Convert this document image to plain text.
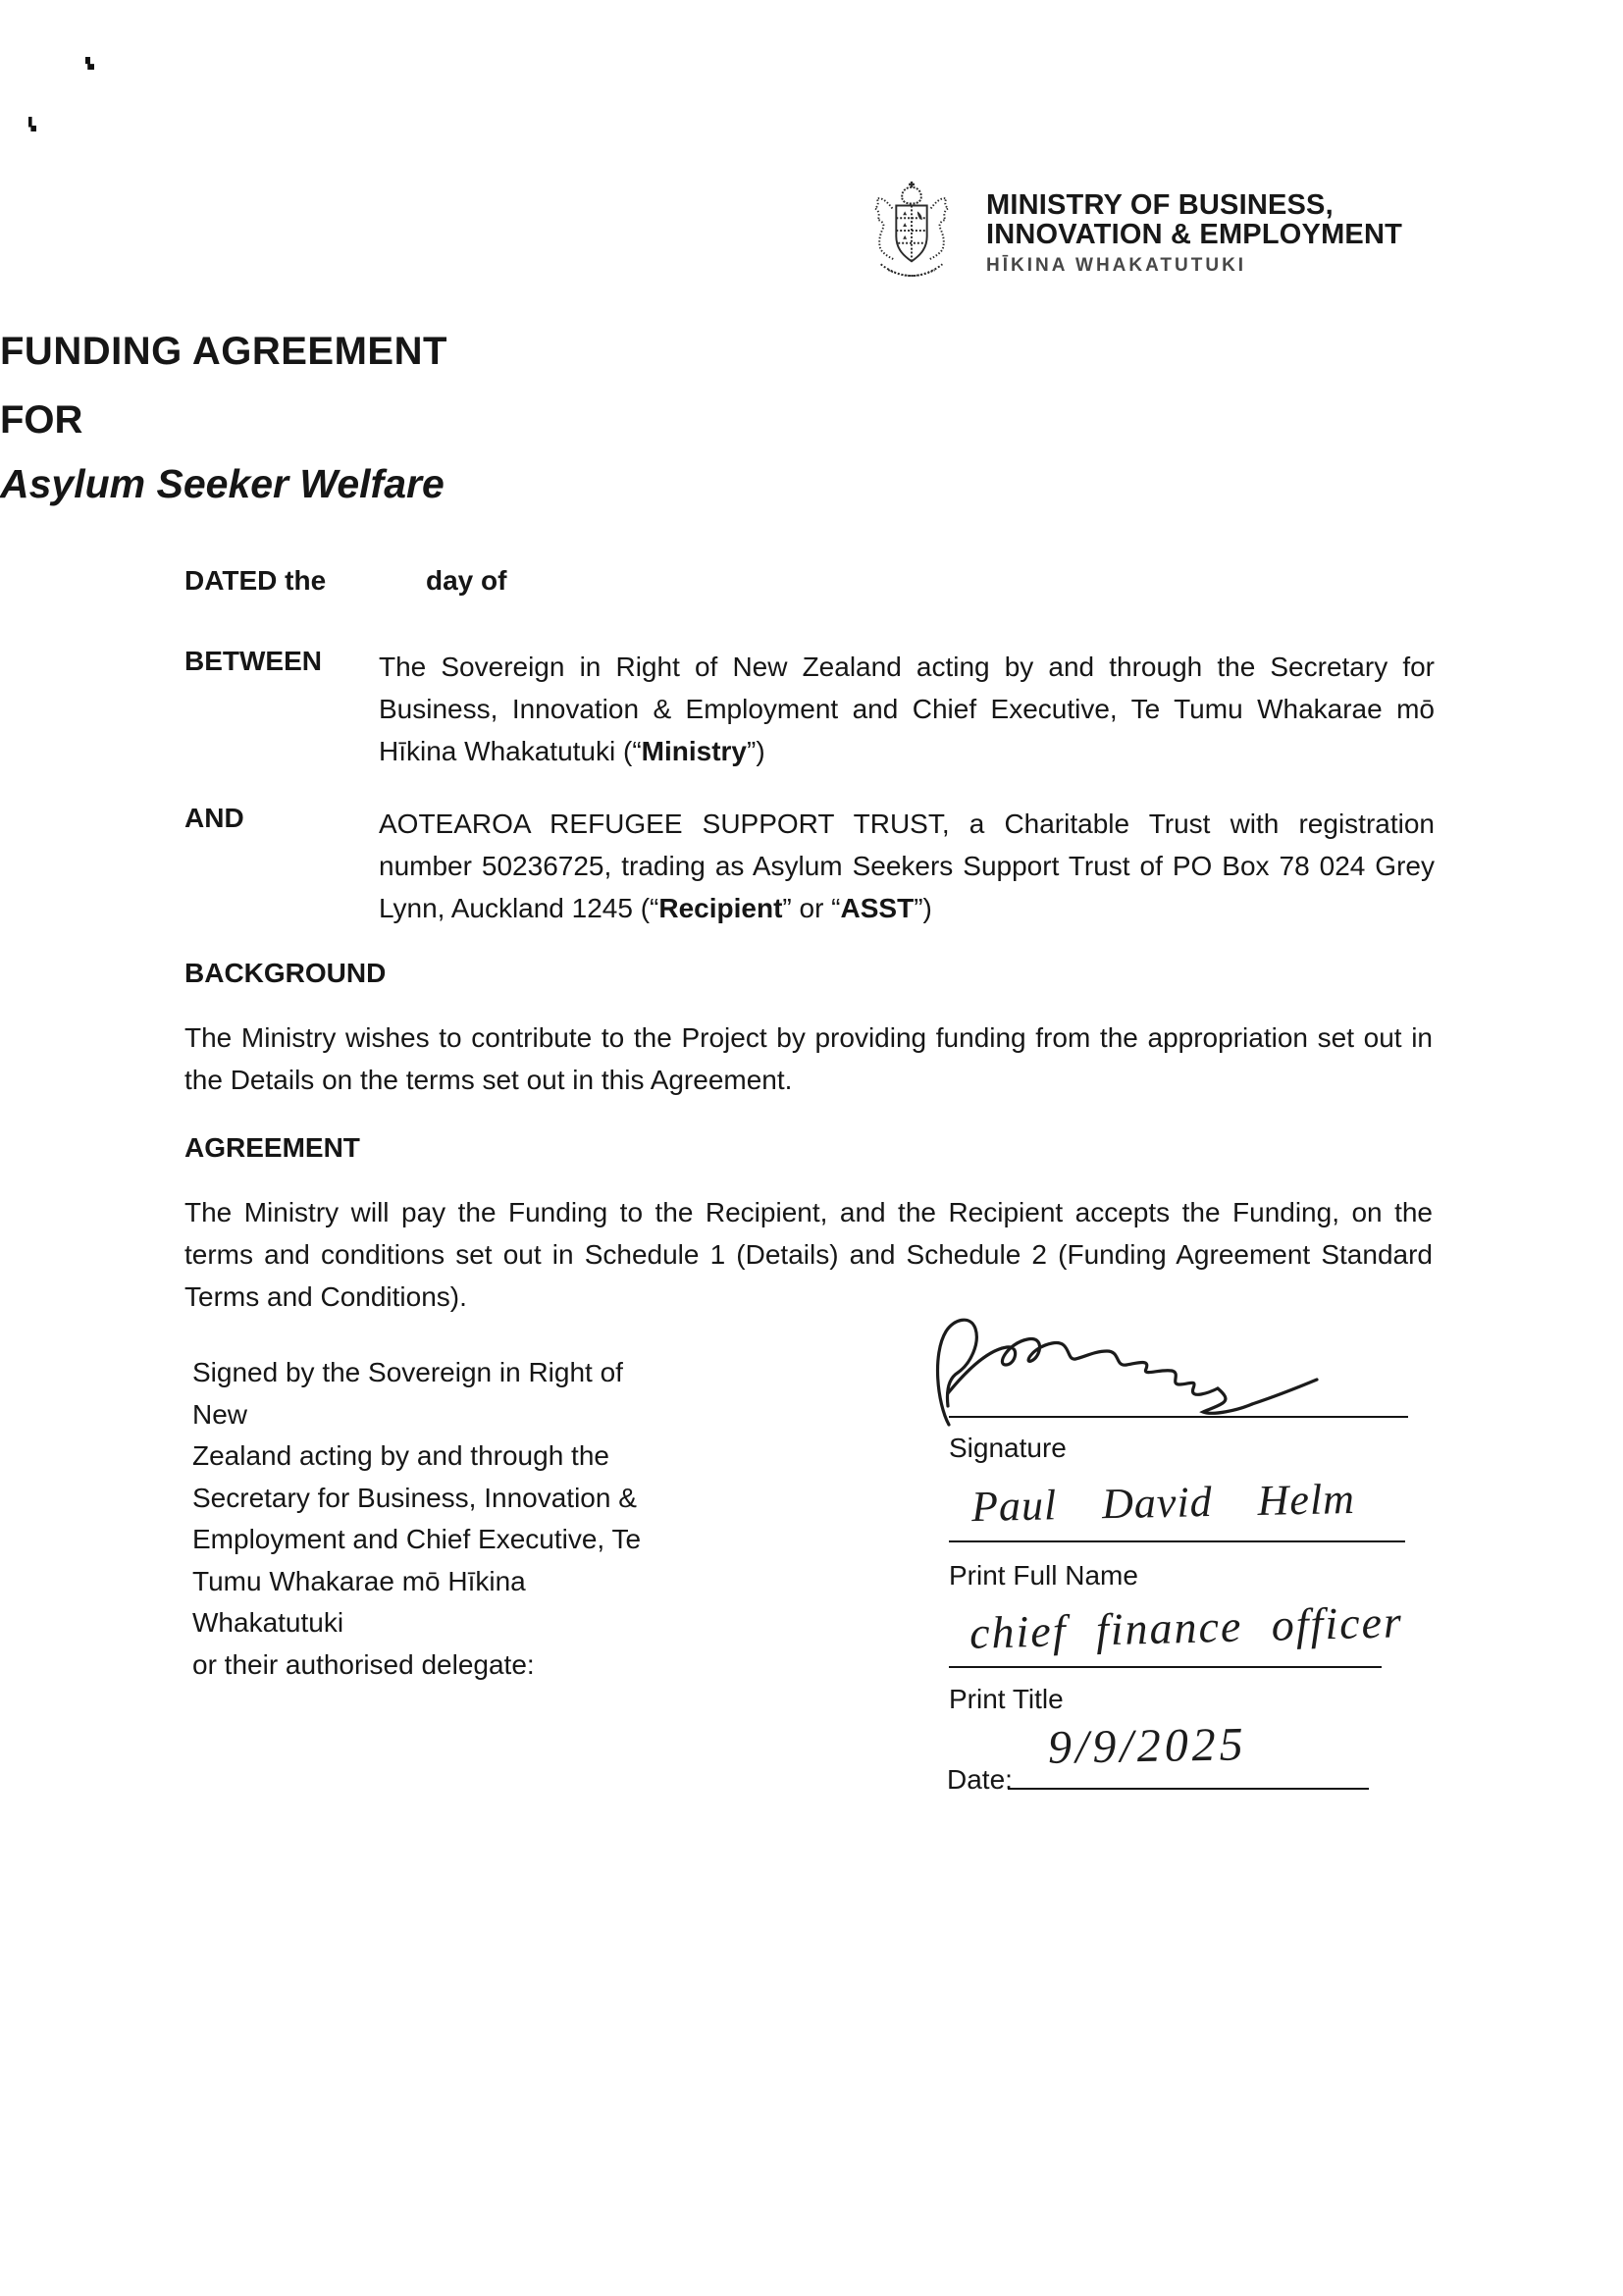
MINISTRY OF BUSINESS,
INNOVATION & EMPLOYMENT
HĪKINA WHAKATUTUKI
FUNDING AGREEMENT
FOR
Asylum Seeker Welfare
DATED the	day of
BETWEEN The Sovereign in Right of New Zealand acting by and through the Secretary for Business, Innovation & Employment and Chief Executive, Te Tumu Whakarae mō Hīkina Whakatutuki (“Ministry”)
AND	AOTEAROA REFUGEE SUPPORT TRUST, a Charitable Trust with registration number 50236725, trading as Asylum Seekers Support Trust of PO Box 78 024 Grey Lynn, Auckland 1245 (“Recipient” or “ASST”)
BACKGROUND
The Ministry wishes to contribute to the Project by providing funding from the appropriation set out in the Details on the terms set out in this Agreement.
AGREEMENT
The Ministry will pay the Funding to the Recipient, and the Recipient accepts the Funding, on the terms and conditions set out in Schedule 1 (Details) and Schedule 2 (Funding Agreement Standard Terms and Conditions).
Signed by the Sovereign in Right of New
Zealand acting by and through the
Secretary for Business, Innovation &
Employment and Chief Executive, Te
Tumu Whakarae mō Hīkina Whakatutuki
or their authorised delegate:
Signature
Paul David Helm
Print Full Name
chief finance officer
Print Title
Date:
9/9/2025
